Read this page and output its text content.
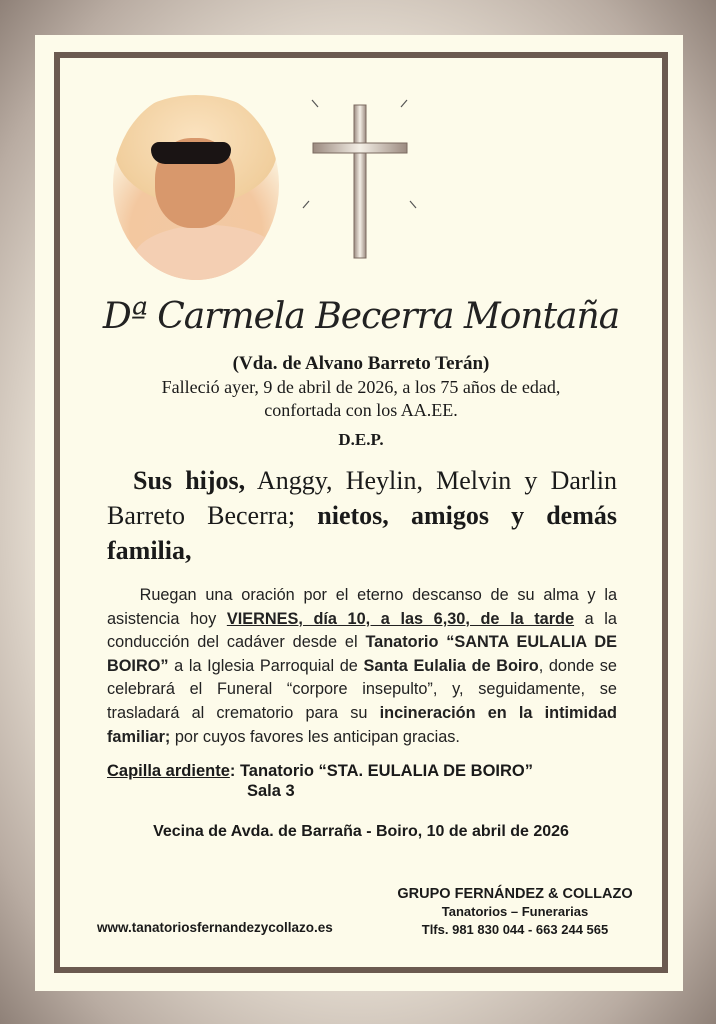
Dª Carmela Becerra Montaña
(Vda. de Alvano Barreto Terán)
Falleció ayer, 9 de abril de 2026, a los 75 años de edad,
confortada con los AA.EE.
D.E.P.
 Sus hijos, Anggy, Heylin, Melvin y Darlin Barreto Becerra; nietos, amigos y demás familia,
  Ruegan una oración por el eterno descanso de su alma y la asistencia hoy VIERNES, día 10, a las 6,30, de la tarde a la conducción del cadáver desde el Tanatorio “SANTA EULALIA DE BOIRO” a la Iglesia Parroquial de Santa Eulalia de Boiro, donde se celebrará el Funeral “corpore insepulto”, y, seguidamente, se trasladará al crematorio para su incineración en la intimidad familiar; por cuyos favores les anticipan gracias.
Capilla ardiente: Tanatorio “STA. EULALIA DE BOIRO”
Sala 3
Vecina de Avda. de Barraña - Boiro, 10 de abril de 2026
GRUPO FERNÁNDEZ & COLLAZO
Tanatorios – Funerarias
Tlfs. 981 830 044 - 663 244 565
www.tanatoriosfernandezycollazo.es
